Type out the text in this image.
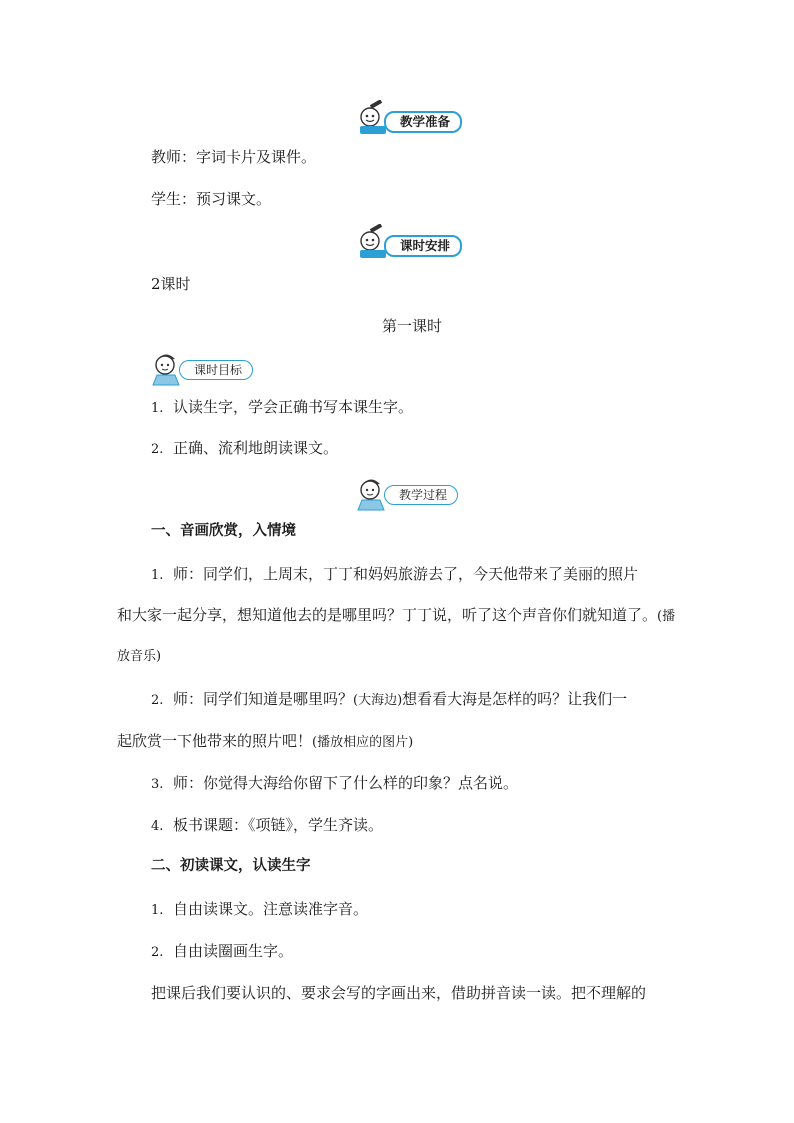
教学准备
教师：字词卡片及课件。
学生：预习课文。
课时安排
2课时
第一课时
课时目标
1. 认读生字，学会正确书写本课生字。
2. 正确、流利地朗读课文。
教学过程
一、音画欣赏，入情境
1. 师：同学们，上周末，丁丁和妈妈旅游去了，今天他带来了美丽的照片
和大家一起分享，想知道他去的是哪里吗？丁丁说，听了这个声音你们就知道了。(播
放音乐)
2. 师：同学们知道是哪里吗？(大海边)想看看大海是怎样的吗？让我们一
起欣赏一下他带来的照片吧！(播放相应的图片)
3. 师：你觉得大海给你留下了什么样的印象？点名说。
4. 板书课题：《项链》，学生齐读。
二、初读课文，认读生字
1. 自由读课文。注意读准字音。
2. 自由读圈画生字。
把课后我们要认识的、要求会写的字画出来，借助拼音读一读。把不理解的
